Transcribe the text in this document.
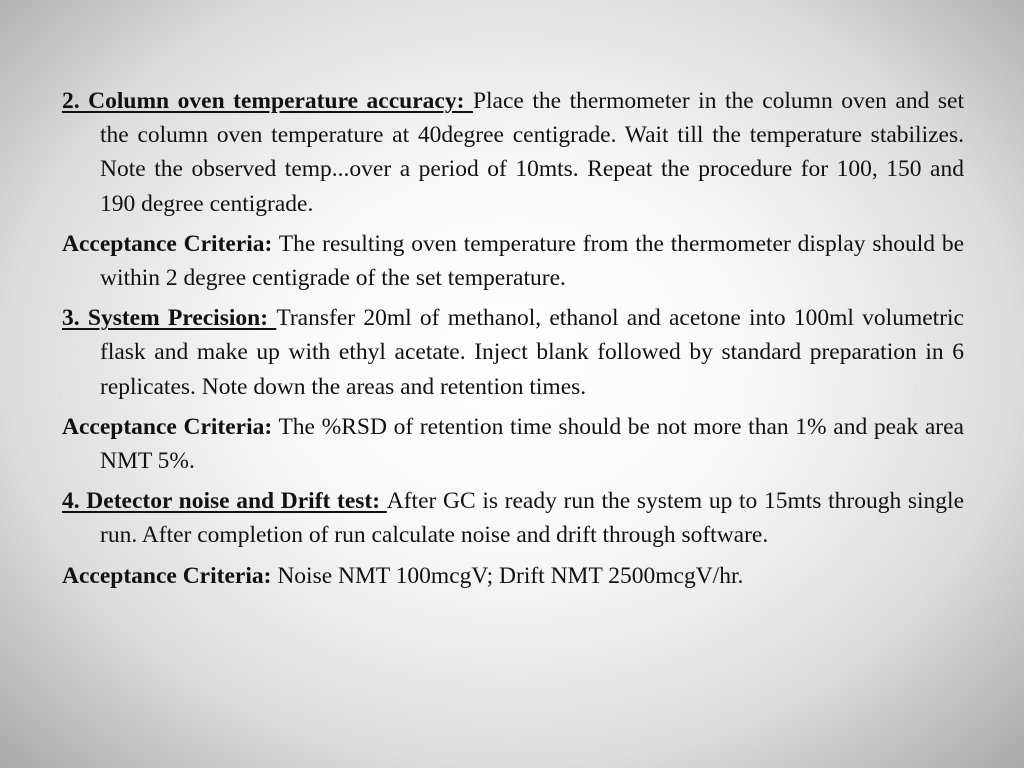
2. Column oven temperature accuracy: Place the thermometer in the column oven and set the column oven temperature at 40degree centigrade. Wait till the temperature stabilizes. Note the observed temp...over a period of 10mts. Repeat the procedure for 100, 150 and 190 degree centigrade.

Acceptance Criteria: The resulting oven temperature from the thermometer display should be within 2 degree centigrade of the set temperature.

3. System Precision: Transfer 20ml of methanol, ethanol and acetone into 100ml volumetric flask and make up with ethyl acetate. Inject blank followed by standard preparation in 6 replicates. Note down the areas and retention times.

Acceptance Criteria: The %RSD of retention time should be not more than 1% and peak area NMT 5%.

4. Detector noise and Drift test: After GC is ready run the system up to 15mts through single run. After completion of run calculate noise and drift through software.

Acceptance Criteria: Noise NMT 100mcgV; Drift NMT 2500mcgV/hr.
